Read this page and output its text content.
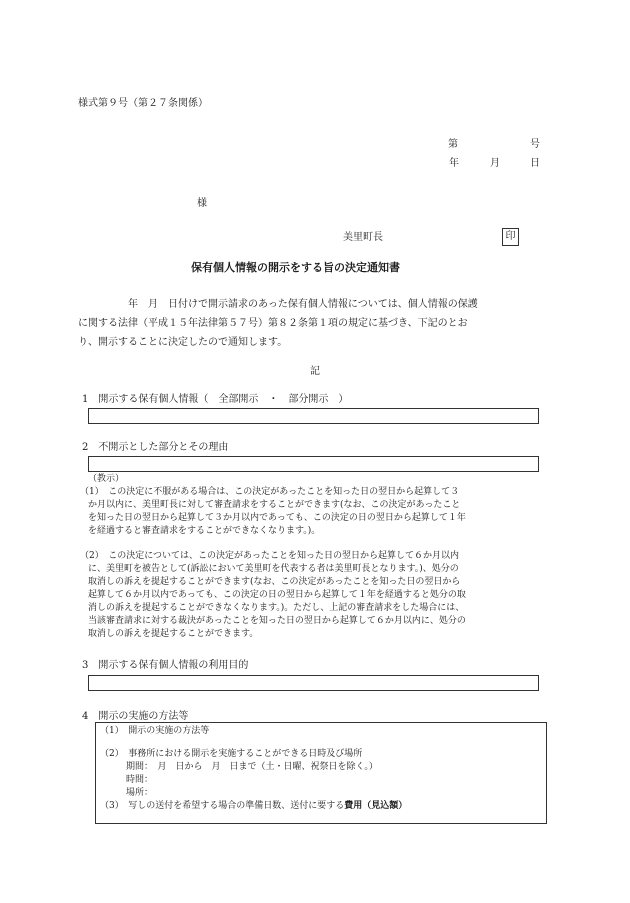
様式第９号（第２７条関係）
第	号
年	月	日
様
美里町長	印
保有個人情報の開示をする旨の決定通知書
年　月　日付けで開示請求のあった保有個人情報については、個人情報の保護
に関する法律（平成１５年法律第５７号）第８２条第１項の規定に基づき、下記のとお
り、開示することに決定したので通知します。
記
1　開示する保有個人情報（　全部開示　・　部分開示　）
2　不開示とした部分とその理由
（教示）
（1）　この決定に不服がある場合は、この決定があったことを知った日の翌日から起算して３
か月以内に、美里町長に対して審査請求をすることができます(なお、この決定があったこと
を知った日の翌日から起算して３か月以内であっても、この決定の日の翌日から起算して１年
を経過すると審査請求をすることができなくなります。)。
（2）　この決定については、この決定があったことを知った日の翌日から起算して６か月以内
に、美里町を被告として(訴訟において美里町を代表する者は美里町長となります。)、処分の
取消しの訴えを提起することができます(なお、この決定があったことを知った日の翌日から
起算して６か月以内であっても、この決定の日の翌日から起算して１年を経過すると処分の取
消しの訴えを提起することができなくなります。)。ただし、上記の審査請求をした場合には、
当該審査請求に対する裁決があったことを知った日の翌日から起算して６か月以内に、処分の
取消しの訴えを提起することができます。
3　開示する保有個人情報の利用目的
4　開示の実施の方法等
（1）　開示の実施の方法等
（2）　事務所における開示を実施することができる日時及び場所
期間：　月　日から　月　日まで（土・日曜、祝祭日を除く。）
時間：
場所：
（3）　写しの送付を希望する場合の準備日数、送付に要する費用（見込額）
